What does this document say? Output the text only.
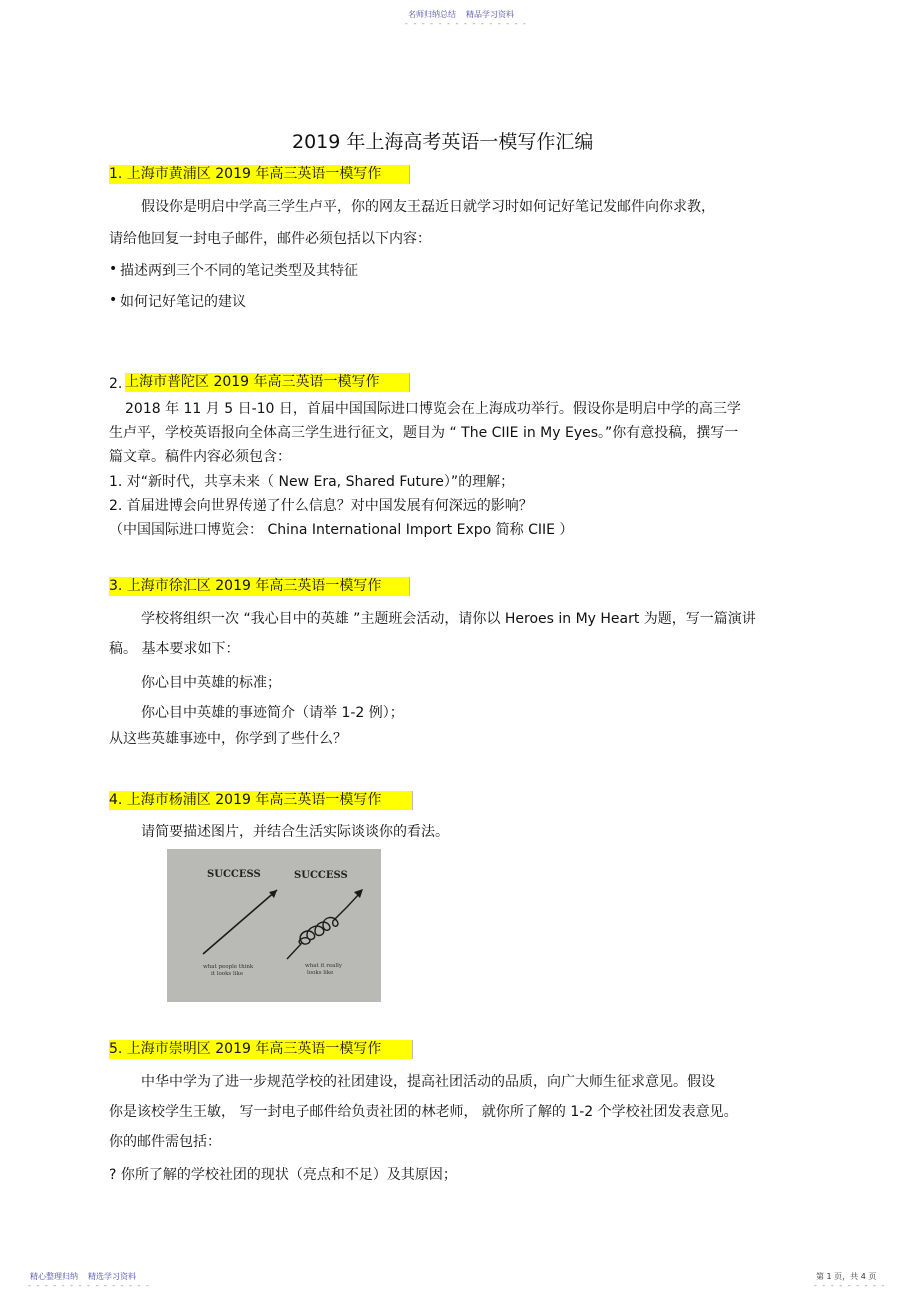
名师归纳总结 精品学习资料
- - - - - - - - - - - - - - -
2019 年上海高考英语一模写作汇编
1. 上海市黄浦区 2019 年高三英语一模写作
假设你是明启中学高三学生卢平，你的网友王磊近日就学习时如何记好笔记发邮件向你求教，
请给他回复一封电子邮件，邮件必须包括以下内容：
• 描述两到三个不同的笔记类型及其特征
• 如何记好笔记的建议
2. 上海市普陀区 2019 年高三英语一模写作
2018 年 11 月 5 日-10 日，首届中国国际进口博览会在上海成功举行。假设你是明启中学的高三学
生卢平，学校英语报向全体高三学生进行征文，题目为 “ The CIIE in My Eyes。”你有意投稿，撰写一
篇文章。稿件内容必须包含：
1. 对“新时代，共享未来（ New Era, Shared Future）”的理解；
2. 首届进博会向世界传递了什么信息？对中国发展有何深远的影响？
（中国国际进口博览会： China International Import Expo 简称 CIIE ）
3. 上海市徐汇区 2019 年高三英语一模写作
学校将组织一次 “我心目中的英雄 ”主题班会活动，请你以 Heroes in My Heart 为题，写一篇演讲
稿。 基本要求如下：
你心目中英雄的标准；
你心目中英雄的事迹简介（请举 1-2 例）；
从这些英雄事迹中，你学到了些什么？
4. 上海市杨浦区 2019 年高三英语一模写作
请简要描述图片，并结合生活实际谈谈你的看法。
SUCCESS	SUCCESS
what people think
it looks like
what it really
looks like
5. 上海市崇明区 2019 年高三英语一模写作
中华中学为了进一步规范学校的社团建设，提高社团活动的品质，向广大师生征求意见。假设
你是该校学生王敏， 写一封电子邮件给负责社团的林老师， 就你所了解的 1-2 个学校社团发表意见。
你的邮件需包括：
? 你所了解的学校社团的现状（亮点和不足）及其原因；
精心整理归纳 精选学习资料
- - - - - - - - - - - - - - -
第 1 页，共 4 页
- - - - - - - - -
